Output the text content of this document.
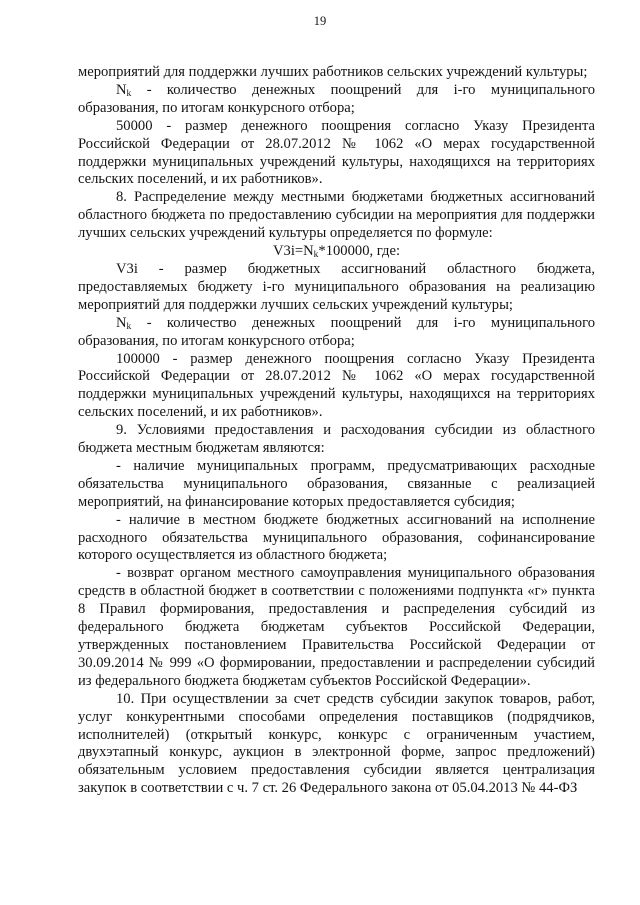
19

мероприятий для поддержки лучших работников сельских учреждений культуры;

$N_k$ - количество денежных поощрений для i-го муниципального образования, по итогам конкурсного отбора;

50000 - размер денежного поощрения согласно Указу Президента Российской Федерации от 28.07.2012 № 1062 «О мерах государственной поддержки муниципальных учреждений культуры, находящихся на территориях сельских поселений, и их работников».

8. Распределение между местными бюджетами бюджетных ассигнований областного бюджета по предоставлению субсидии на мероприятия для поддержки лучших сельских учреждений культуры определяется по формуле:

$V3i=N_k*100000$, где:

V3i - размер бюджетных ассигнований областного бюджета, предоставляемых бюджету i-го муниципального образования на реализацию мероприятий для поддержки лучших сельских учреждений культуры;

$N_k$ - количество денежных поощрений для i-го муниципального образования, по итогам конкурсного отбора;

100000 - размер денежного поощрения согласно Указу Президента Российской Федерации от 28.07.2012 № 1062 «О мерах государственной поддержки муниципальных учреждений культуры, находящихся на территориях сельских поселений, и их работников».

9. Условиями предоставления и расходования субсидии из областного бюджета местным бюджетам являются:

- наличие муниципальных программ, предусматривающих расходные обязательства муниципального образования, связанные с реализацией мероприятий, на финансирование которых предоставляется субсидия;

- наличие в местном бюджете бюджетных ассигнований на исполнение расходного обязательства муниципального образования, софинансирование которого осуществляется из областного бюджета;

- возврат органом местного самоуправления муниципального образования средств в областной бюджет в соответствии с положениями подпункта «г» пункта 8 Правил формирования, предоставления и распределения субсидий из федерального бюджета бюджетам субъектов Российской Федерации, утвержденных постановлением Правительства Российской Федерации от 30.09.2014 № 999 «О формировании, предоставлении и распределении субсидий из федерального бюджета бюджетам субъектов Российской Федерации».

10. При осуществлении за счет средств субсидии закупок товаров, работ, услуг конкурентными способами определения поставщиков (подрядчиков, исполнителей) (открытый конкурс, конкурс с ограниченным участием, двухэтапный конкурс, аукцион в электронной форме, запрос предложений) обязательным условием предоставления субсидии является централизация закупок в соответствии с ч. 7 ст. 26 Федерального закона от 05.04.2013 № 44-ФЗ
